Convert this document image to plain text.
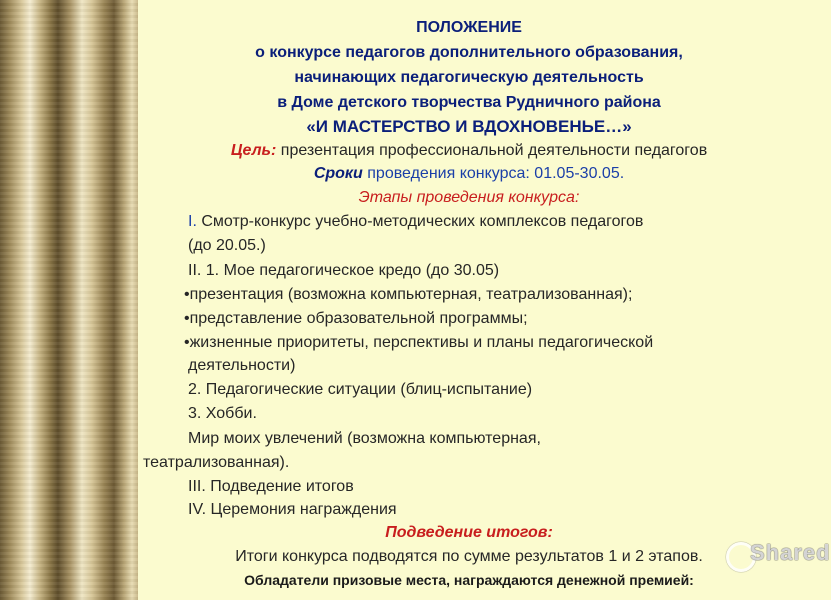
ПОЛОЖЕНИЕ
о конкурсе педагогов дополнительного образования,
начинающих педагогическую деятельность
в Доме детского творчества Рудничного района
«И МАСТЕРСТВО И ВДОХНОВЕНЬЕ…»
Цель: презентация профессиональной деятельности педагогов
Сроки проведения конкурса: 01.05-30.05.
Этапы проведения конкурса:
I. Смотр-конкурс учебно-методических комплексов педагогов
(до 20.05.)
II. 1. Мое педагогическое кредо (до 30.05)
•презентация (возможна компьютерная, театрализованная);
•представление образовательной программы;
•жизненные приоритеты, перспективы и планы педагогической
деятельности)
2. Педагогические ситуации (блиц-испытание)
3. Хобби.
Мир моих увлечений (возможна компьютерная,
театрализованная).
III. Подведение итогов
IV. Церемония награждения
Подведение итогов:
Итоги конкурса подводятся по сумме результатов 1 и 2 этапов.
Обладатели призовые места, награждаются денежной премией:
Shared
